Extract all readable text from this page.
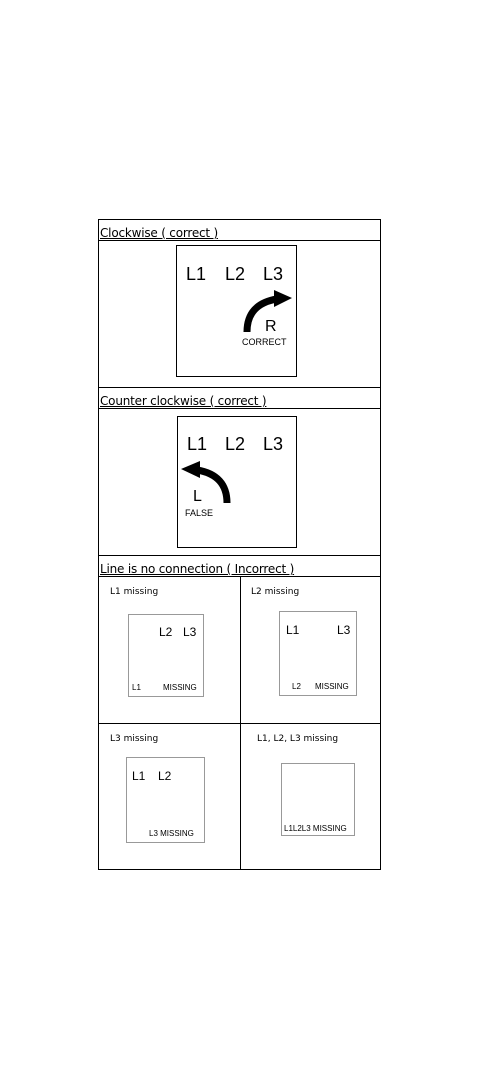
Clockwise ( correct )
L1 L2 L3
R
CORRECT
Counter clockwise ( correct )
L1 L2 L3
L
FALSE
Line is no connection ( Incorrect )
L1 missing
L2 L3
L1	MISSING
L2 missing
L1	L3
L2 MISSING
L3 missing
L1 L2
L3 MISSING
L1, L2, L3 missing
L1L2L3 MISSING
